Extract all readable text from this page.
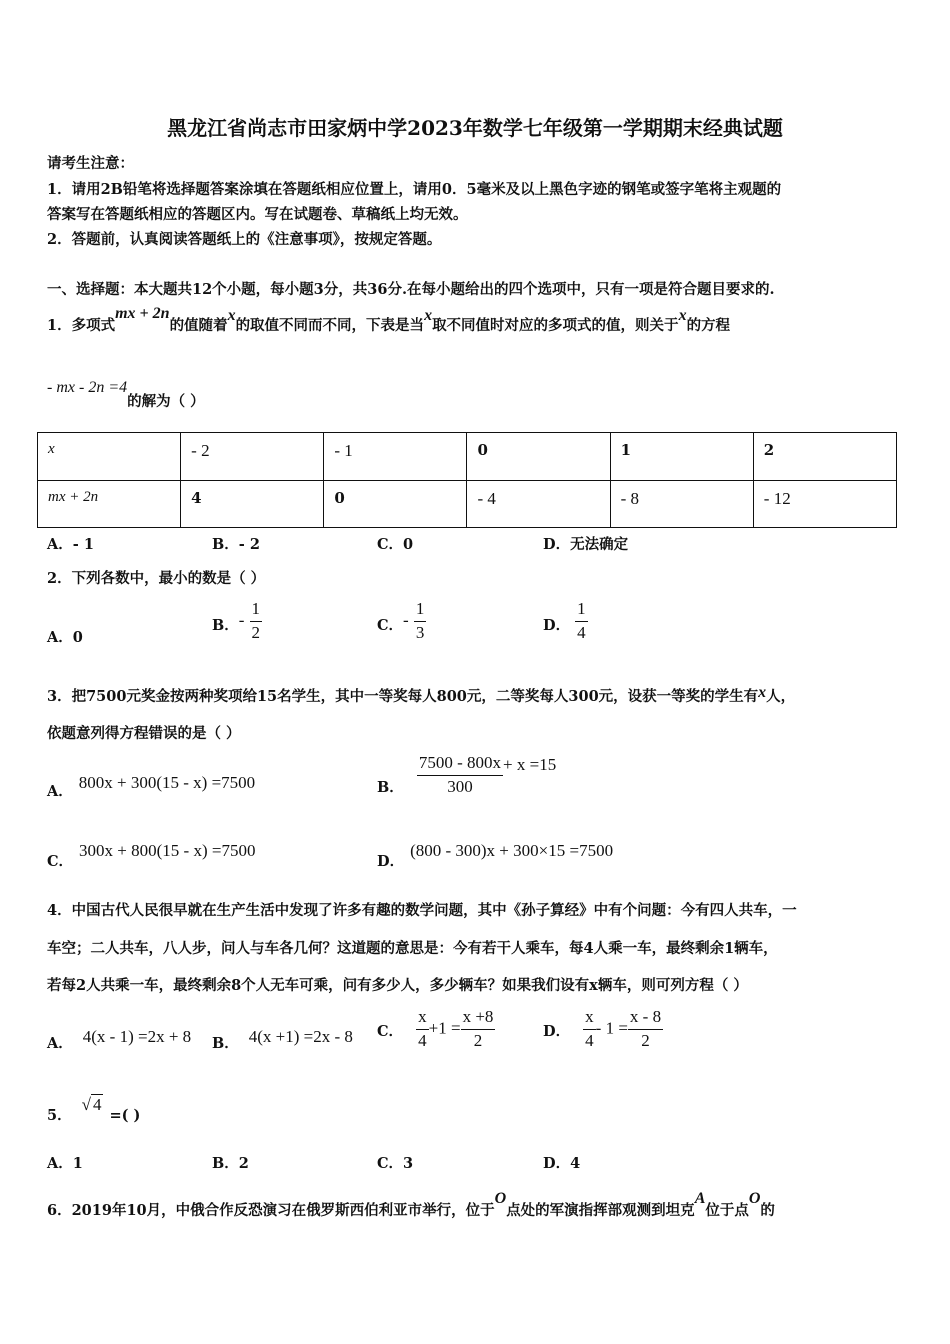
黑龙江省尚志市田家炳中学2023年数学七年级第一学期期末经典试题
请考生注意：
1．请用2B铅笔将选择题答案涂填在答题纸相应位置上，请用0．5毫米及以上黑色字迹的钢笔或签字笔将主观题的
答案写在答题纸相应的答题区内。写在试题卷、草稿纸上均无效。
2．答题前，认真阅读答题纸上的《注意事项》，按规定答题。
一、选择题：本大题共12个小题，每小题3分，共36分.在每小题给出的四个选项中，只有一项是符合题目要求的.
1．多项式mx + 2n的值随着x的取值不同而不同，下表是当x取不同值时对应的多项式的值，则关于x的方程
- mx - 2n =4的解为（ ）
x	- 2	- 1	0	1	2
mx + 2n	4	0	- 4	- 8	- 12
A．- 1	B．- 2	C．0	D．无法确定
2．下列各数中，最小的数是（ ）
A．0
B．- $\frac{1}{2}$	C．- $\frac{1}{3}$	D． $\frac{1}{4}$
3．把7500元奖金按两种奖项给15名学生，其中一等奖每人800元，二等奖每人300元，设获一等奖的学生有x人，
依题意列得方程错误的是（ ）
A． 800x + 300(15 - x) =7500	B． $\frac{7500 - 800x}{300} + x =15$
C．300x + 800(15 - x) =7500
D．(800 - 300)x + 300×15 =7500
4．中国古代人民很早就在生产生活中发现了许多有趣的数学问题，其中《孙子算经》中有个问题：今有四人共车，一
车空；二人共车，八人步，问人与车各几何？这道题的意思是：今有若干人乘车，每4人乘一车，最终剩余1辆车，
若每2人共乘一车，最终剩余8个人无车可乘，问有多少人，多少辆车？如果我们设有x辆车，则可列方程（ ）
A． 4(x - 1) =2x + 8 B． 4(x +1) =2x - 8 C． $\frac{x}{4} +1 = \frac{x +8}{2}$	D． $\frac{x}{4} - 1 = \frac{x - 8}{2}$
5．√ 4=( )
A．1	B．2	C．3	D．4
6．2019年10月，中俄合作反恐演习在俄罗斯西伯利亚市举行，位于O点处的军演指挥部观测到坦克A位于点O的
